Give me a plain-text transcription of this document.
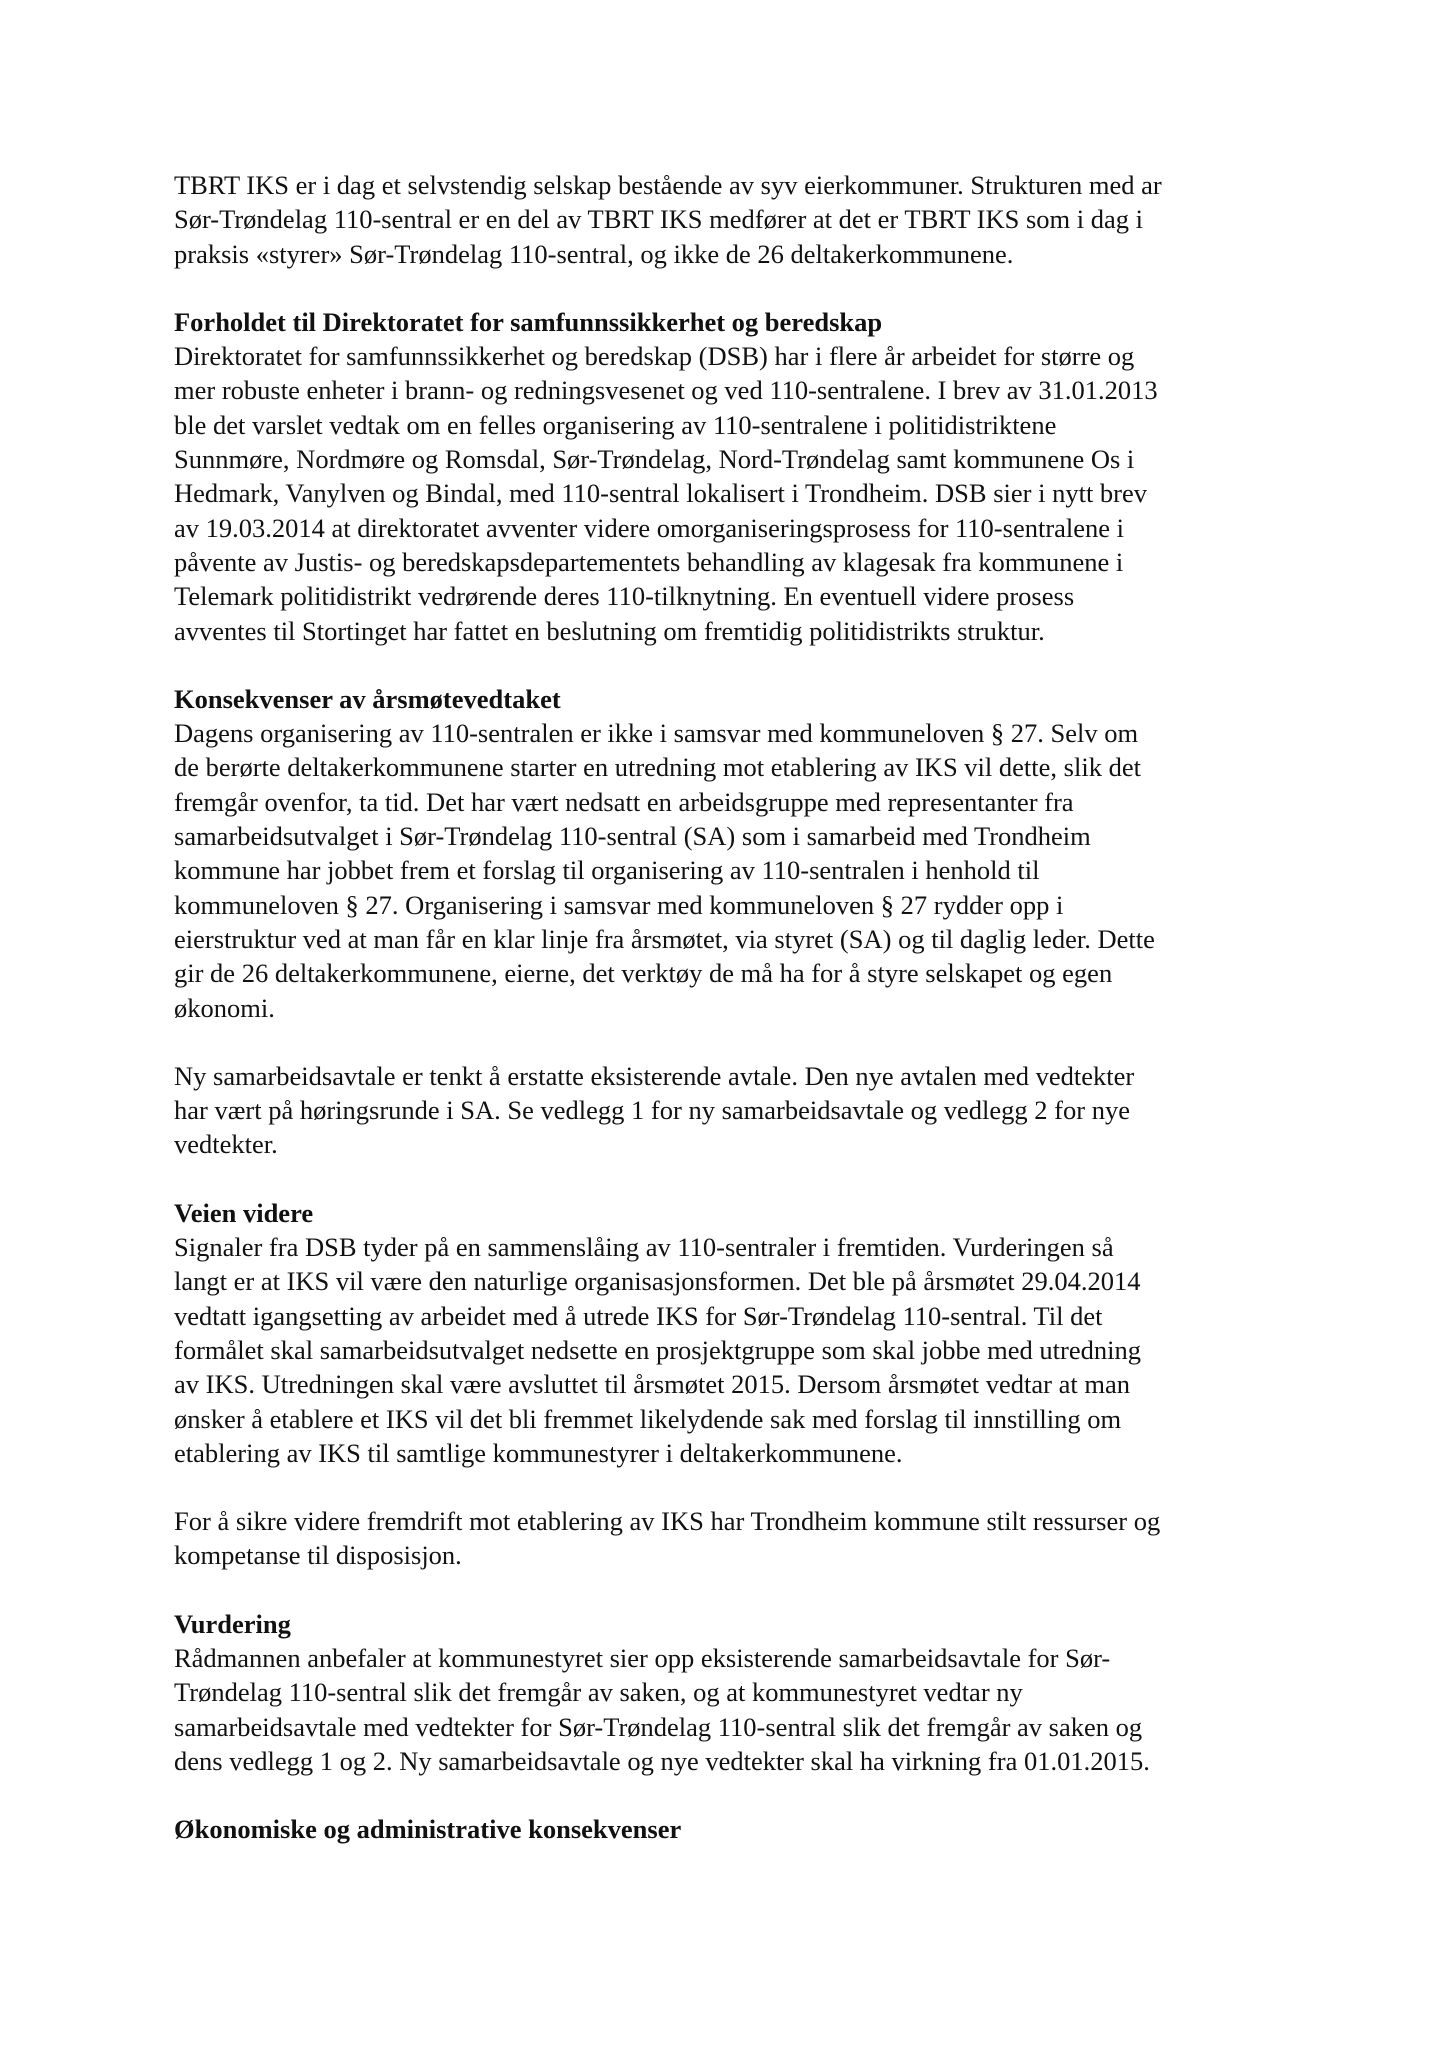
TBRT IKS er i dag et selvstendig selskap bestående av syv eierkommuner. Strukturen med ar
Sør-Trøndelag 110-sentral er en del av TBRT IKS medfører at det er TBRT IKS som i dag i
praksis «styrer» Sør-Trøndelag 110-sentral, og ikke de 26 deltakerkommunene.
Forholdet til Direktoratet for samfunnssikkerhet og beredskap
Direktoratet for samfunnssikkerhet og beredskap (DSB) har i flere år arbeidet for større og
mer robuste enheter i brann- og redningsvesenet og ved 110-sentralene. I brev av 31.01.2013
ble det varslet vedtak om en felles organisering av 110-sentralene i politidistriktene
Sunnmøre, Nordmøre og Romsdal, Sør-Trøndelag, Nord-Trøndelag samt kommunene Os i
Hedmark, Vanylven og Bindal, med 110-sentral lokalisert i Trondheim. DSB sier i nytt brev
av 19.03.2014 at direktoratet avventer videre omorganiseringsprosess for 110-sentralene i
påvente av Justis- og beredskapsdepartementets behandling av klagesak fra kommunene i
Telemark politidistrikt vedrørende deres 110-tilknytning. En eventuell videre prosess
avventes til Stortinget har fattet en beslutning om fremtidig politidistrikts struktur.
Konsekvenser av årsmøtevedtaket
Dagens organisering av 110-sentralen er ikke i samsvar med kommuneloven § 27. Selv om
de berørte deltakerkommunene starter en utredning mot etablering av IKS vil dette, slik det
fremgår ovenfor, ta tid. Det har vært nedsatt en arbeidsgruppe med representanter fra
samarbeidsutvalget i Sør-Trøndelag 110-sentral (SA) som i samarbeid med Trondheim
kommune har jobbet frem et forslag til organisering av 110-sentralen i henhold til
kommuneloven § 27. Organisering i samsvar med kommuneloven § 27 rydder opp i
eierstruktur ved at man får en klar linje fra årsmøtet, via styret (SA) og til daglig leder. Dette
gir de 26 deltakerkommunene, eierne, det verktøy de må ha for å styre selskapet og egen
økonomi.
Ny samarbeidsavtale er tenkt å erstatte eksisterende avtale. Den nye avtalen med vedtekter
har vært på høringsrunde i SA. Se vedlegg 1 for ny samarbeidsavtale og vedlegg 2 for nye
vedtekter.
Veien videre
Signaler fra DSB tyder på en sammenslåing av 110-sentraler i fremtiden. Vurderingen så
langt er at IKS vil være den naturlige organisasjonsformen. Det ble på årsmøtet 29.04.2014
vedtatt igangsetting av arbeidet med å utrede IKS for Sør-Trøndelag 110-sentral. Til det
formålet skal samarbeidsutvalget nedsette en prosjektgruppe som skal jobbe med utredning
av IKS. Utredningen skal være avsluttet til årsmøtet 2015. Dersom årsmøtet vedtar at man
ønsker å etablere et IKS vil det bli fremmet likelydende sak med forslag til innstilling om
etablering av IKS til samtlige kommunestyrer i deltakerkommunene.
For å sikre videre fremdrift mot etablering av IKS har Trondheim kommune stilt ressurser og
kompetanse til disposisjon.
Vurdering
Rådmannen anbefaler at kommunestyret sier opp eksisterende samarbeidsavtale for Sør-
Trøndelag 110-sentral slik det fremgår av saken, og at kommunestyret vedtar ny
samarbeidsavtale med vedtekter for Sør-Trøndelag 110-sentral slik det fremgår av saken og
dens vedlegg 1 og 2. Ny samarbeidsavtale og nye vedtekter skal ha virkning fra 01.01.2015.
Økonomiske og administrative konsekvenser
